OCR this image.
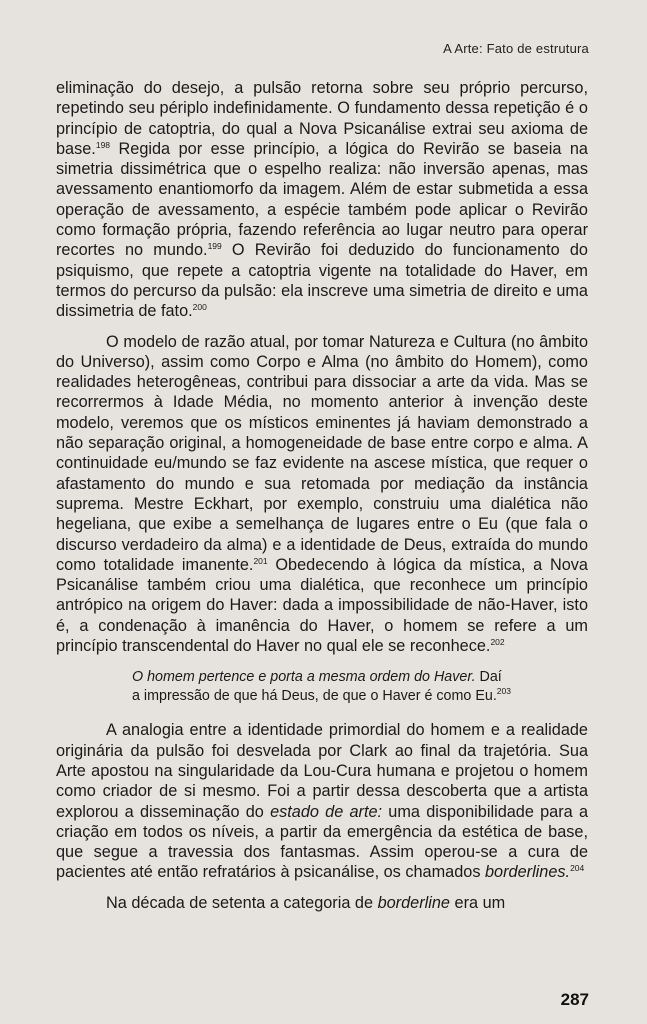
A Arte: Fato de estrutura

eliminação do desejo, a pulsão retorna sobre seu próprio percurso, repetindo seu périplo indefinidamente. O fundamento dessa repetição é o princípio de catoptria, do qual a Nova Psicanálise extrai seu axioma de base.$^{198}$ Regida por esse princípio, a lógica do Revirão se baseia na simetria dissimétrica que o espelho realiza: não inversão apenas, mas avessamento enantiomorfo da imagem. Além de estar submetida a essa operação de avessamento, a espécie também pode aplicar o Revirão como formação própria, fazendo referência ao lugar neutro para operar recortes no mundo.$^{199}$ O Revirão foi deduzido do funcionamento do psiquismo, que repete a catoptria vigente na totalidade do Haver, em termos do percurso da pulsão: ela inscreve uma simetria de direito e uma dissimetria de fato.$^{200}$

O modelo de razão atual, por tomar Natureza e Cultura (no âmbito do Universo), assim como Corpo e Alma (no âmbito do Homem), como realidades heterogêneas, contribui para dissociar a arte da vida. Mas se recorrermos à Idade Média, no momento anterior à invenção deste modelo, veremos que os místicos eminentes já haviam demonstrado a não separação original, a homogeneidade de base entre corpo e alma. A continuidade eu/mundo se faz evidente na ascese mística, que requer o afastamento do mundo e sua retomada por mediação da instância suprema. Mestre Eckhart, por exemplo, construiu uma dialética não hegeliana, que exibe a semelhança de lugares entre o Eu (que fala o discurso verdadeiro da alma) e a identidade de Deus, extraída do mundo como totalidade imanente.$^{201}$ Obedecendo à lógica da mística, a Nova Psicanálise também criou uma dialética, que reconhece um princípio antrópico na origem do Haver: dada a impossibilidade de não-Haver, isto é, a condenação à imanência do Haver, o homem se refere a um princípio transcendental do Haver no qual ele se reconhece.$^{202}$

O homem pertence e porta a mesma ordem do Haver. Daí a impressão de que há Deus, de que o Haver é como Eu.$^{203}$

A analogia entre a identidade primordial do homem e a realidade originária da pulsão foi desvelada por Clark ao final da trajetória. Sua Arte apostou na singularidade da Lou-Cura humana e projetou o homem como criador de si mesmo. Foi a partir dessa descoberta que a artista explorou a disseminação do estado de arte: uma disponibilidade para a criação em todos os níveis, a partir da emergência da estética de base, que segue a travessia dos fantasmas. Assim operou-se a cura de pacientes até então refratários à psicanálise, os chamados borderlines.$^{204}$

Na década de setenta a categoria de borderline era um

287
